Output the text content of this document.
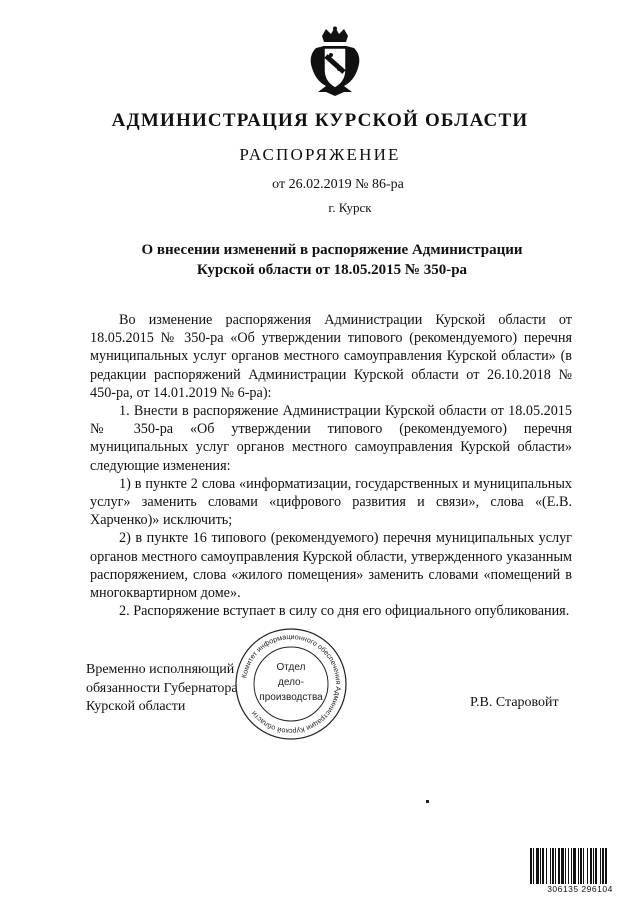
АДМИНИСТРАЦИЯ КУРСКОЙ ОБЛАСТИ
РАСПОРЯЖЕНИЕ
от 26.02.2019 № 86-ра
г. Курск
О внесении изменений в распоряжение Администрации
Курской области от 18.05.2015 № 350-ра

Во изменение распоряжения Администрации Курской области от 18.05.2015 № 350-ра «Об утверждении типового (рекомендуемого) перечня муниципальных услуг органов местного самоуправления Курской области» (в редакции распоряжений Администрации Курской области от 26.10.2018 № 450-ра, от 14.01.2019 № 6-ра):

1. Внести в распоряжение Администрации Курской области от 18.05.2015 № 350-ра «Об утверждении типового (рекомендуемого) перечня муниципальных услуг органов местного самоуправления Курской области» следующие изменения:

1) в пункте 2 слова «информатизации, государственных и муниципальных услуг» заменить словами «цифрового развития и связи», слова «(Е.В. Харченко)» исключить;

2) в пункте 16 типового (рекомендуемого) перечня муниципальных услуг органов местного самоуправления Курской области, утвержденного указанным распоряжением, слова «жилого помещения» заменить словами «помещений в многоквартирном доме».

2. Распоряжение вступает в силу со дня его официального опубликования.

Временно исполняющий
обязанности Губернатора
Курской области	Р.В. Старовойт
Комитет информационного обеспечения Администрации Курской области
Отдел
дело-
производства
306135 296104
